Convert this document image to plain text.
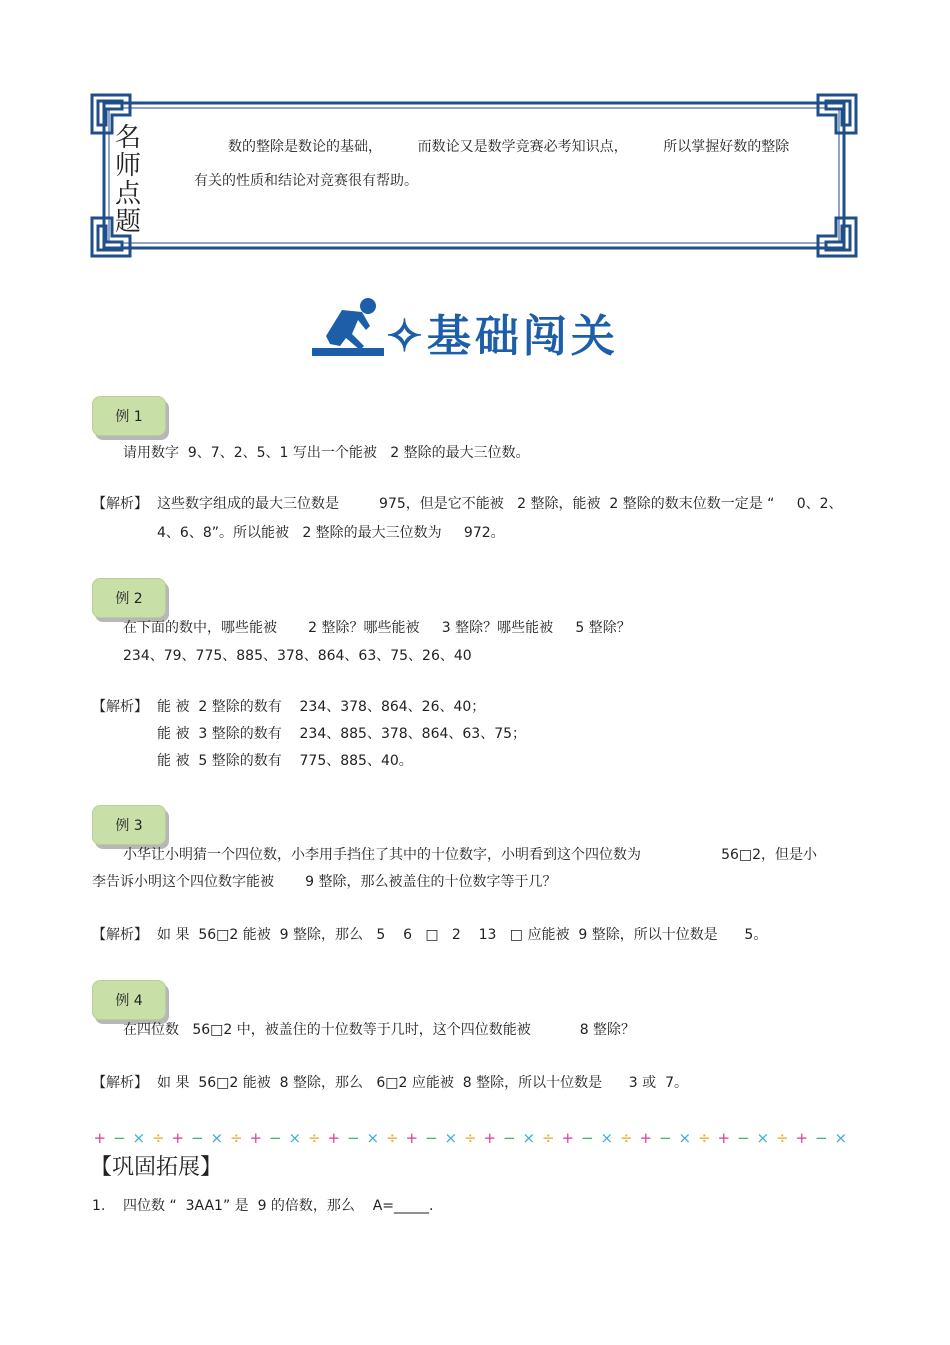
名
师
点
题
数的整除是数论的基础，        而数论又是数学竞赛必考知识点，        所以掌握好数的整除
有关的性质和结论对竞赛很有帮助。
✧基础闯关
例 1
请用数字  9、7、2、5、1 写出一个能被   2 整除的最大三位数。
【解析】 这些数字组成的最大三位数是         975，但是它不能被   2 整除，能被  2 整除的数末位数一定是 “     0、2、
4、6、8”。所以能被   2 整除的最大三位数为     972。
例 2
在下面的数中，哪些能被       2 整除？哪些能被     3 整除？哪些能被     5 整除？
234、79、775、885、378、864、63、75、26、40
【解析】 能 被  2 整除的数有    234、378、864、26、40；
能 被  3 整除的数有    234、885、378、864、63、75；
能 被  5 整除的数有    775、885、40。
例 3
小华让小明猜一个四位数，小李用手挡住了其中的十位数字，小明看到这个四位数为                  56□2，但是小
李告诉小明这个四位数字能被       9 整除，那么被盖住的十位数字等于几？
【解析】 如 果  56□2 能被  9 整除，那么   5    6   □   2    13   □ 应能被  9 整除，所以十位数是      5。
例 4
在四位数   56□2 中，被盖住的十位数等于几时，这个四位数能被           8 整除？
【解析】 如 果  56□2 能被  8 整除，那么   6□2 应能被  8 整除，所以十位数是      3 或  7。
+ − × ÷ + − × ÷ + − × ÷ + − × ÷ + − × ÷ + − × ÷ + − × ÷ + − × ÷ + − × ÷ + − ×
【巩固拓展】
1. 四位数 “  3AA1” 是  9 的倍数，那么    A=_____.
